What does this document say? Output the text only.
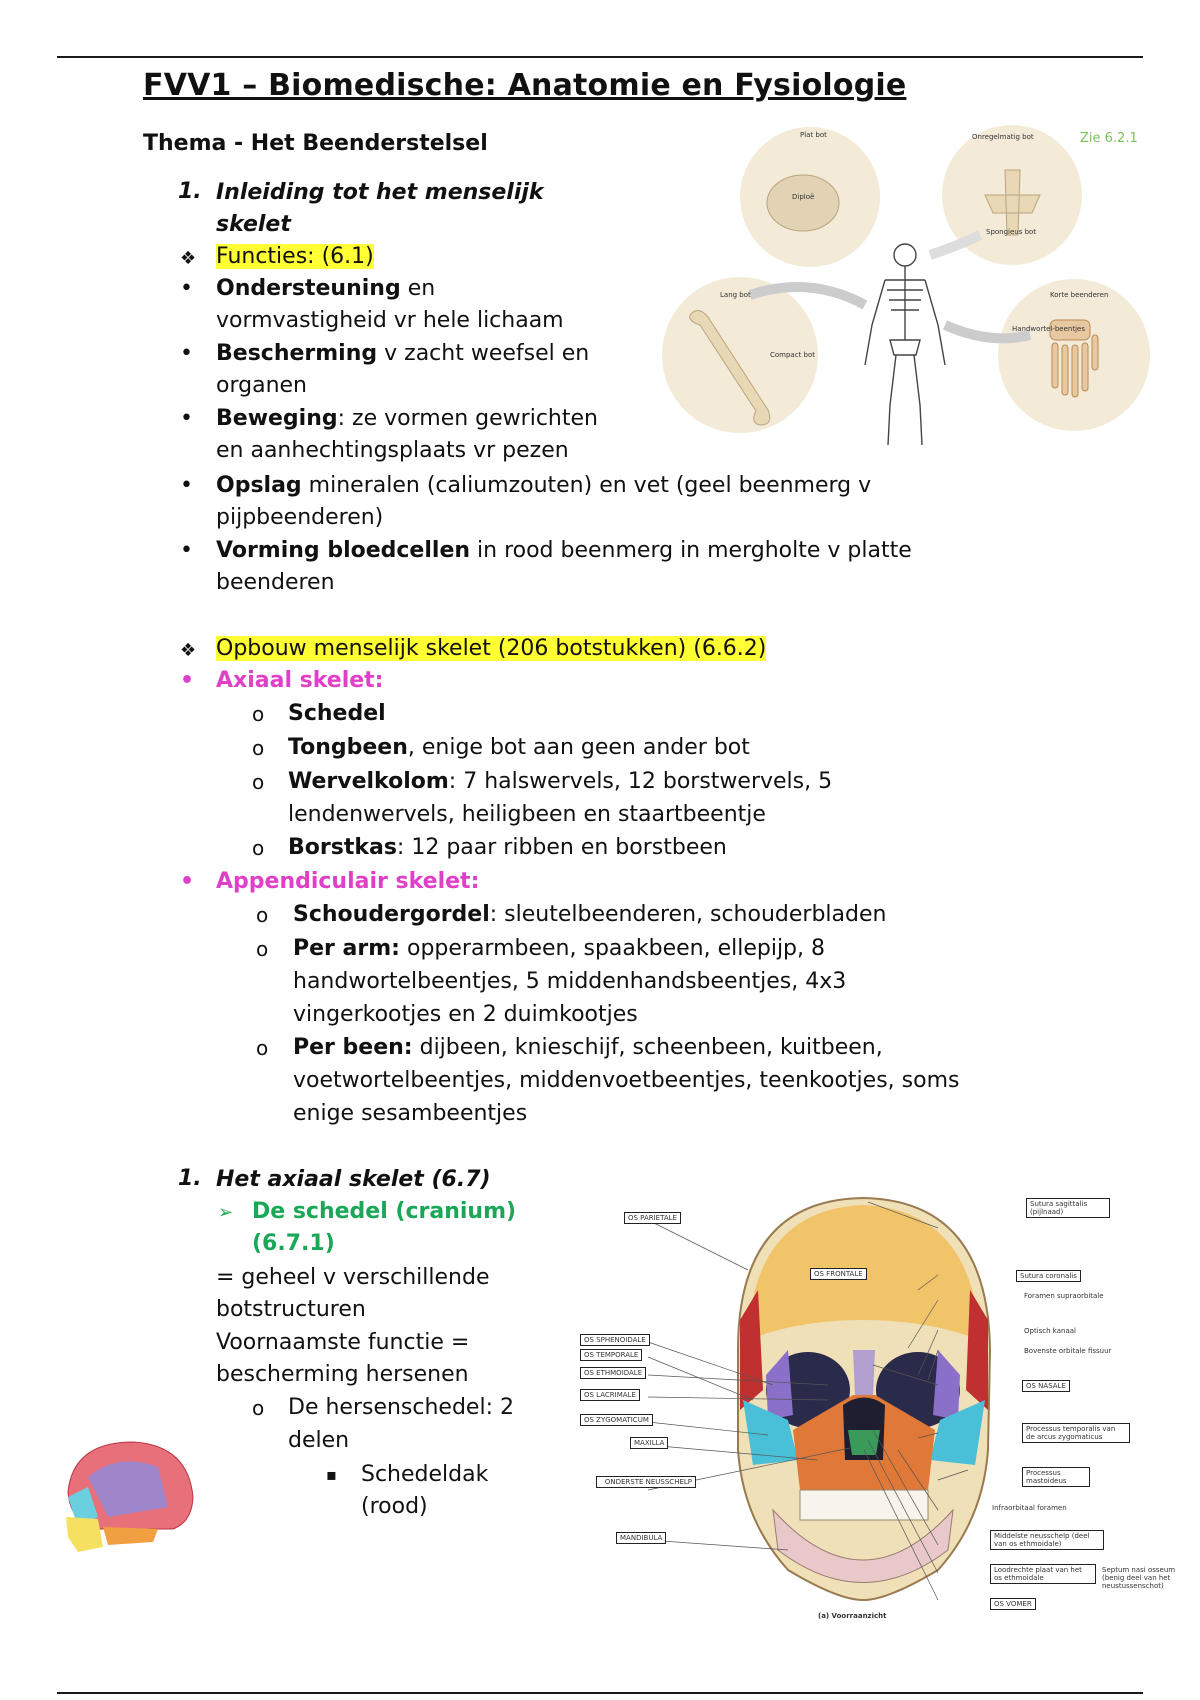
FVV1 – Biomedische: Anatomie en Fysiologie
Thema - Het Beenderstelsel
1. Inleiding tot het menselijk
skelet
❖ Functies: (6.1)
• Ondersteuning en
vormvastigheid vr hele lichaam
• Bescherming v zacht weefsel en
organen
• Beweging: ze vormen gewrichten
en aanhechtingsplaats vr pezen
• Opslag mineralen (caliumzouten) en vet (geel beenmerg v
pijpbeenderen)
• Vorming bloedcellen in rood beenmerg in mergholte v platte
beenderen
❖ Opbouw menselijk skelet (206 botstukken) (6.6.2)
• Axiaal skelet:
o Schedel
o Tongbeen, enige bot aan geen ander bot
o Wervelkolom: 7 halswervels, 12 borstwervels, 5
lendenwervels, heiligbeen en staartbeentje
o Borstkas: 12 paar ribben en borstbeen
• Appendiculair skelet:
o Schoudergordel: sleutelbeenderen, schouderbladen
o Per arm: opperarmbeen, spaakbeen, ellepijp, 8
handwortelbeentjes, 5 middenhandsbeentjes, 4x3
vingerkootjes en 2 duimkootjes
o Per been: dijbeen, knieschijf, scheenbeen, kuitbeen,
voetwortelbeentjes, middenvoetbeentjes, teenkootjes, soms
enige sesambeentjes
1. Het axiaal skelet (6.7)
➢ De schedel (cranium)
(6.7.1)
= geheel v verschillende
botstructuren
Voornaamste functie =
bescherming hersenen
o De hersenschedel: 2
delen
▪ Schedeldak
(rood)
Plat bot	Onregelmatig bot
Lang bot	Korte beenderen
Diploë
Spongieus bot
Compact bot
Handwortel-beentjes
Zie 6.2.1
OS PARIETALE
OS SPHENOIDALE
OS TEMPORALE
OS ETHMOIDALE
OS LACRIMALE
OS ZYGOMATICUM
MAXILLA
ONDERSTE NEUSSCHELP
MANDIBULA
OS FRONTALE
Sutura sagittalis (pijlnaad)
Sutura coronalis
Foramen supraorbitale
Optisch kanaal
Bovenste orbitale fissuur
OS NASALE
Processus temporalis van de arcus zygomaticus
Processus mastoideus
Infraorbitaal foramen
Middelste neusschelp (deel van os ethmoidale)
Loodrechte plaat van het os ethmoidale
OS VOMER
Septum nasi osseum (benig deel van het neustussenschot)
(a) Voorraanzicht
